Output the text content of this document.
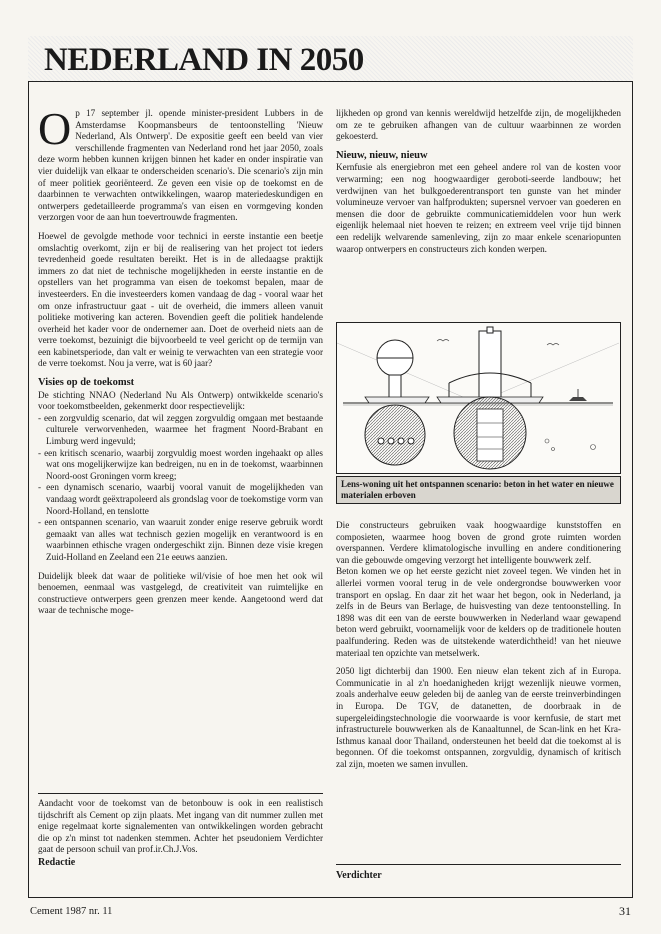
NEDERLAND IN 2050

Op 17 september jl. opende minister-president Lubbers in de Amsterdamse Koopmansbeurs de tentoonstelling 'Nieuw Nederland, Als Ontwerp'. De expositie geeft een beeld van vier verschillende fragmenten van Nederland rond het jaar 2050, zoals deze worm hebben kunnen krijgen binnen het kader en onder inspiratie van vier duidelijk van elkaar te onderscheiden scenario's. Die scenario's zijn min of meer politiek georiënteerd. Ze geven een visie op de toekomst en de daarbinnen te verwachten ontwikkelingen, waarop materiedeskundigen en ontwerpers gedetailleerde programma's van eisen en vormgeving konden verzorgen voor de aan hun toevertrouwde fragmenten.

Hoewel de gevolgde methode voor technici in eerste instantie een beetje omslachtig overkomt, zijn er bij de realisering van het project tot ieders tevredenheid goede resultaten bereikt. Het is in de alledaagse praktijk immers zo dat niet de technische mogelijkheden in eerste instantie en de opstellers van het programma van eisen de toekomst bepalen, maar de investeerders. En die investeerders komen vandaag de dag - vooral waar het om onze infrastructuur gaat - uit de overheid, die immers alleen vanuit politieke motivering kan acteren. Bovendien geeft die politiek handelende overheid het kader voor de ondernemer aan. Doet de overheid niets aan de verre toekomst, bezuinigt die bijvoorbeeld te veel gericht op de termijn van een kabinetsperiode, dan valt er weinig te verwachten van een strategie voor de verre toekomst. Nou ja verre, wat is 60 jaar?

Visies op de toekomst

De stichting NNAO (Nederland Nu Als Ontwerp) ontwikkelde scenario's voor toekomstbeelden, gekenmerkt door respectievelijk:

- een zorgvuldig scenario, dat wil zeggen zorgvuldig omgaan met bestaande culturele verworvenheden, waarmee het fragment Noord-Brabant en Limburg werd ingevuld;
- een kritisch scenario, waarbij zorgvuldig moest worden ingehaakt op alles wat ons mogelijkerwijze kan bedreigen, nu en in de toekomst, waarbinnen Noord-oost Groningen vorm kreeg;
- een dynamisch scenario, waarbij vooral vanuit de mogelijkheden van vandaag wordt geëxtrapoleerd als grondslag voor de toekomstige vorm van Noord-Holland, en tenslotte
- een ontspannen scenario, van waaruit zonder enige reserve gebruik wordt gemaakt van alles wat technisch gezien mogelijk en verantwoord is en waarbinnen ethische vragen ondergeschikt zijn. Binnen deze visie kregen Zuid-Holland en Zeeland een 21e eeuws aanzien.

Duidelijk bleek dat waar de politieke wil/visie of hoe men het ook wil benoemen, eenmaal was vastgelegd, de creativiteit van ruimtelijke en constructieve ontwerpers geen grenzen meer kende. Aangetoond werd dat waar de technische moge-

Aandacht voor de toekomst van de betonbouw is ook in een realistisch tijdschrift als Cement op zijn plaats. Met ingang van dit nummer zullen met enige regelmaat korte signalementen van ontwikkelingen worden gebracht die op z'n minst tot nadenken stemmen. Achter het pseudoniem Verdichter gaat de persoon schuil van prof.ir.Ch.J.Vos.

Redactie

lijkheden op grond van kennis wereldwijd hetzelfde zijn, de mogelijkheden om ze te gebruiken afhangen van de cultuur waarbinnen ze worden gekoesterd.

Nieuw, nieuw, nieuw

Kernfusie als energiebron met een geheel andere rol van de kosten voor verwarming; een nog hoogwaardiger geroboti-seerde landbouw; het verdwijnen van het bulkgoederentransport ten gunste van het minder volumineuze vervoer van halfprodukten; supersnel vervoer van goederen en mensen die door de gebruikte communicatiemiddelen voor hun werk eigenlijk helemaal niet hoeven te reizen; en extreem veel vrije tijd binnen een redelijk welvarende samenleving, zijn zo maar enkele scenariopunten waarop ontwerpers en constructeurs zich konden werpen.

Lens-woning uit het ontspannen scenario: beton in het water en nieuwe materialen erboven

Die constructeurs gebruiken vaak hoogwaardige kunststoffen en composieten, waarmee hoog boven de grond grote ruimten worden overspannen. Verdere klimatologische invulling en andere conditionering van die gebouwde omgeving verzorgt het intelligente bouwwerk zelf.

Beton komen we op het eerste gezicht niet zoveel tegen. We vinden het in allerlei vormen vooral terug in de vele ondergrondse bouwwerken voor transport en opslag. En daar zit het waar het begon, ook in Nederland, ja zelfs in de Beurs van Berlage, de huisvesting van deze tentoonstelling. In 1898 was dit een van de eerste bouwwerken in Nederland waar gewapend beton werd gebruikt, voornamelijk voor de kelders op de traditionele houten paalfundering. Reden was de uitstekende waterdichtheid! van het nieuwe materiaal ten opzichte van metselwerk.

2050 ligt dichterbij dan 1900. Een nieuw elan tekent zich af in Europa. Communicatie in al z'n hoedanigheden krijgt wezenlijk nieuwe vormen, zoals anderhalve eeuw geleden bij de aanleg van de eerste treinverbindingen in Europa. De TGV, de datanetten, de doorbraak in de supergeleidingstechnologie die voorwaarde is voor kernfusie, de start met infrastructurele bouwwerken als de Kanaaltunnel, de Scan-link en het Kra-Isthmus kanaal door Thailand, ondersteunen het beeld dat die toekomst al is begonnen. Of die toekomst ontspannen, zorgvuldig, dynamisch of kritisch zal zijn, moeten we samen invullen.

Verdichter
Cement 1987 nr. 11	31
